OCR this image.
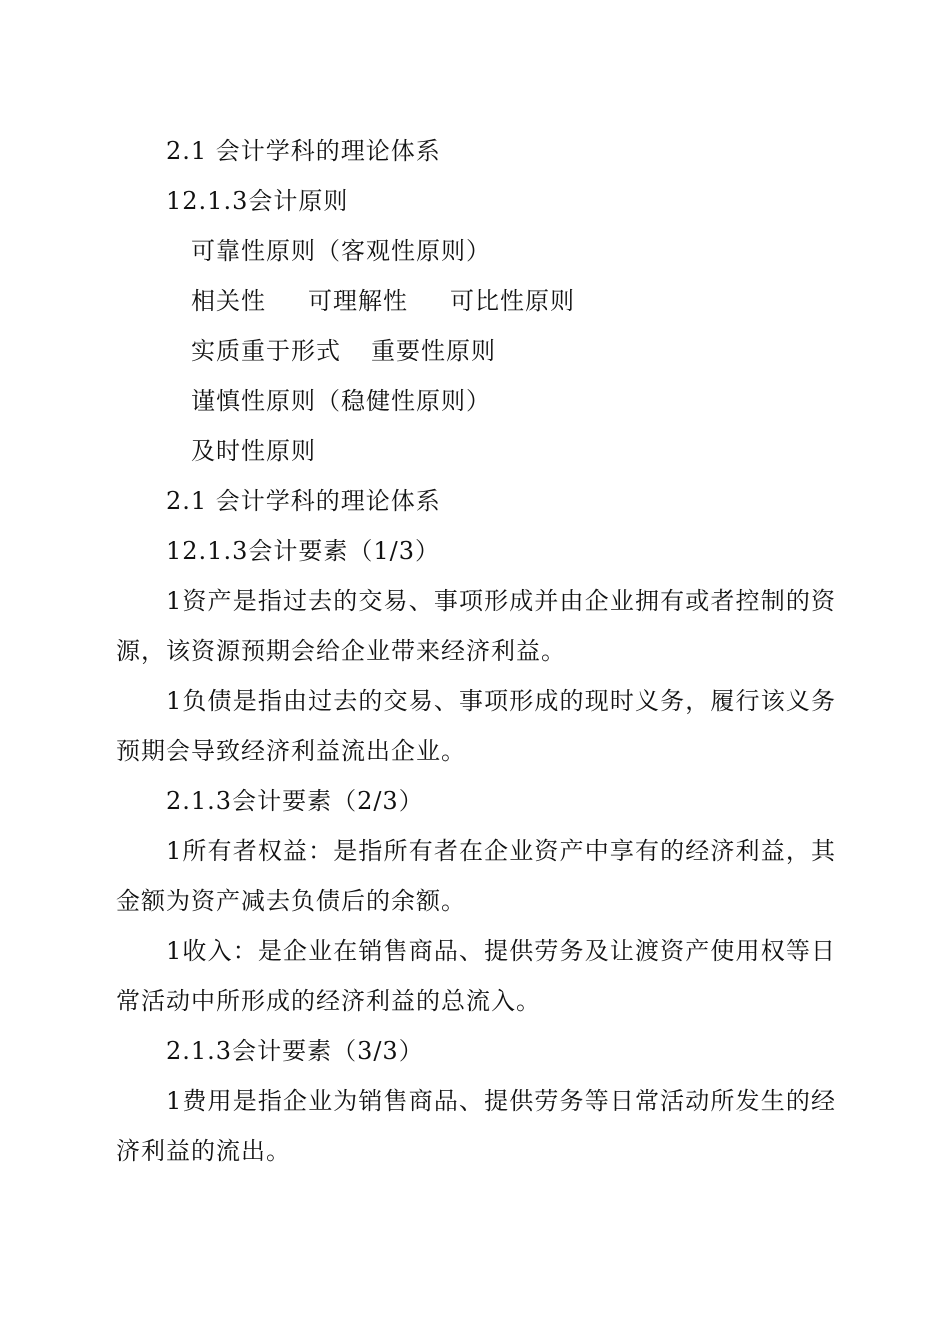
2.1 会计学科的理论体系
12.1.3会计原则
可靠性原则（客观性原则）
相关性 可理解性 可比性原则
实质重于形式 重要性原则
谨慎性原则（稳健性原则）
及时性原则
2.1 会计学科的理论体系
12.1.3会计要素（1/3）
1资产是指过去的交易、事项形成并由企业拥有或者控制的资
源，该资源预期会给企业带来经济利益。
1负债是指由过去的交易、事项形成的现时义务，履行该义务
预期会导致经济利益流出企业。
2.1.3会计要素（2/3）
1所有者权益：是指所有者在企业资产中享有的经济利益，其
金额为资产减去负债后的余额。
1收入：是企业在销售商品、提供劳务及让渡资产使用权等日
常活动中所形成的经济利益的总流入。
2.1.3会计要素（3/3）
1费用是指企业为销售商品、提供劳务等日常活动所发生的经
济利益的流出。
